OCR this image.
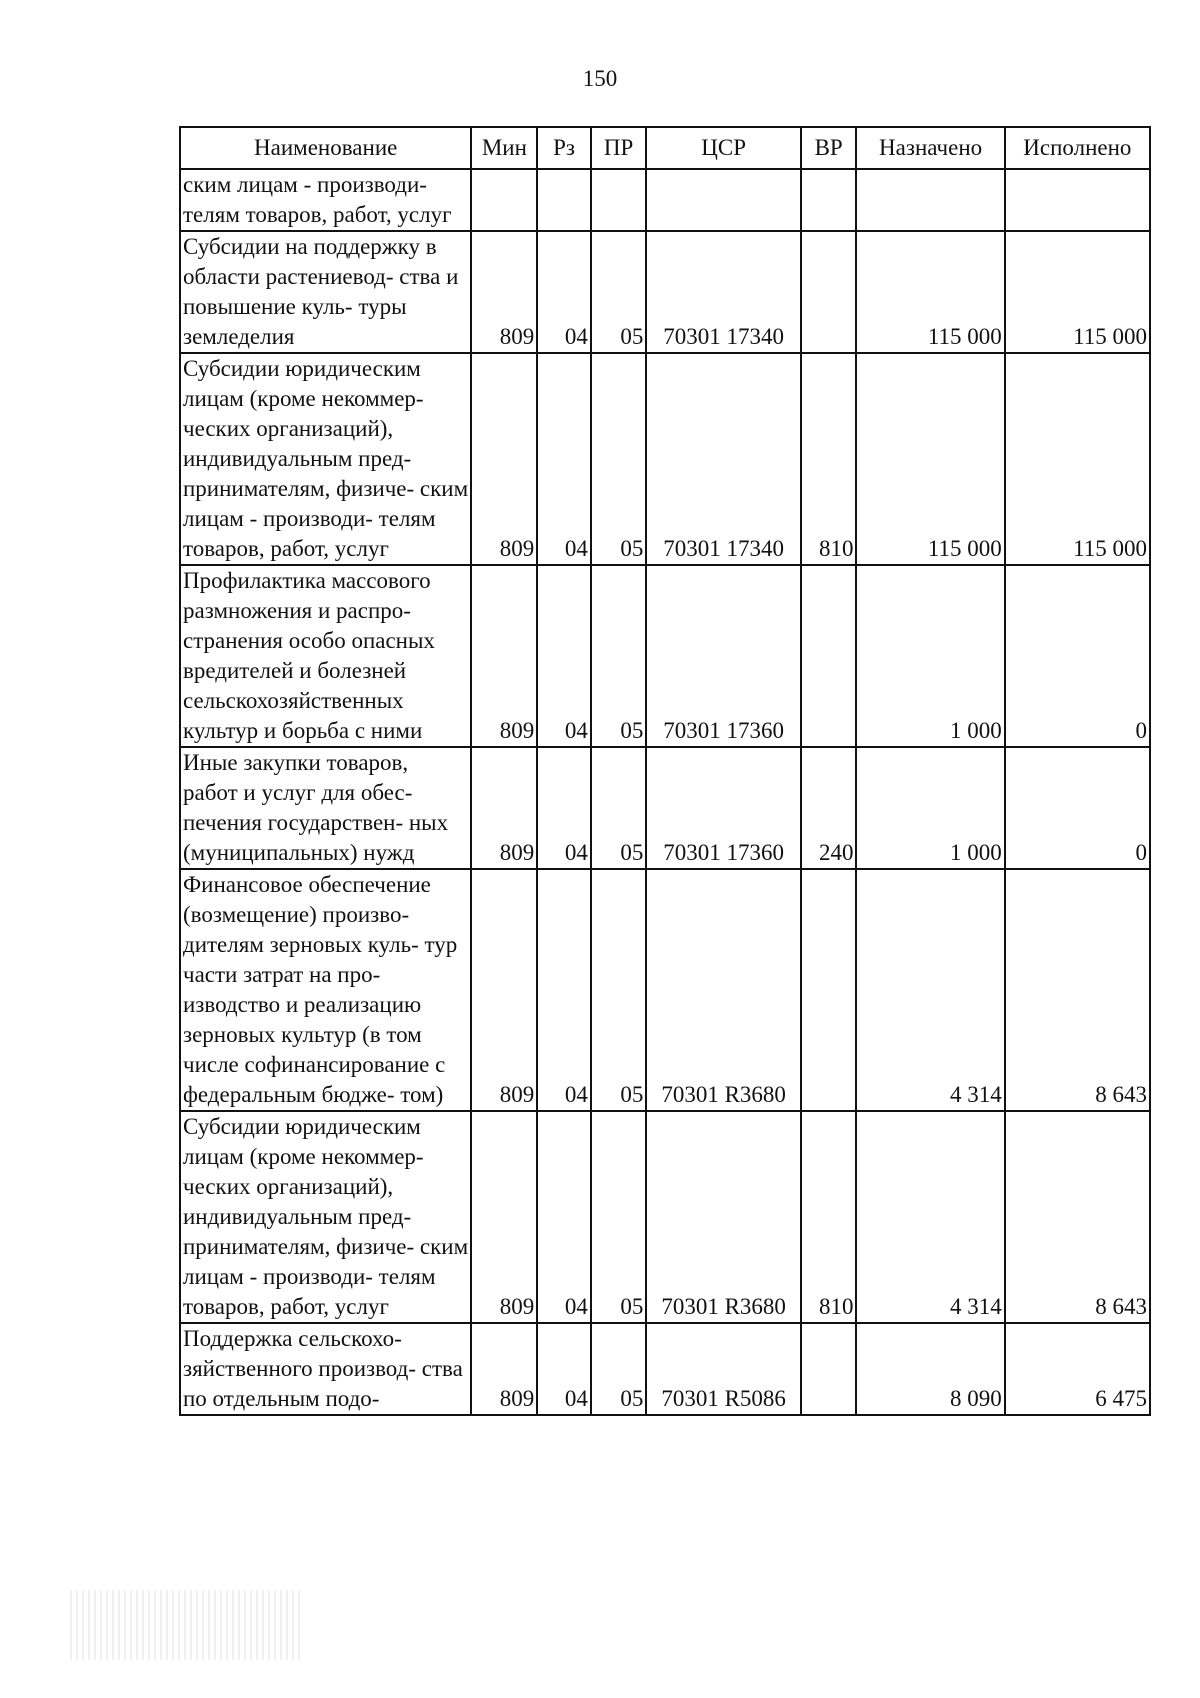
150
Наименование	Мин	Рз	ПР	ЦСР	ВР	Назначено	Исполнено
ским лицам - производи- телям товаров, работ, услуг							
Субсидии на поддержку в области растениевод- ства и повышение куль- туры земледелия	809	04	05	70301 17340		115 000	115 000
Субсидии юридическим лицам (кроме некоммер- ческих организаций), индивидуальным пред- принимателям, физиче- ским лицам - производи- телям товаров, работ, услуг	809	04	05	70301 17340	810	115 000	115 000
Профилактика массового размножения и распро- странения особо опасных вредителей и болезней сельскохозяйственных культур и борьба с ними	809	04	05	70301 17360		1 000	0
Иные закупки товаров, работ и услуг для обес- печения государствен- ных (муниципальных) нужд	809	04	05	70301 17360	240	1 000	0
Финансовое обеспечение (возмещение) произво- дителям зерновых куль- тур части затрат на про- изводство и реализацию зерновых культур (в том числе софинансирование с федеральным бюдже- том)	809	04	05	70301 R3680		4 314	8 643
Субсидии юридическим лицам (кроме некоммер- ческих организаций), индивидуальным пред- принимателям, физиче- ским лицам - производи- телям товаров, работ, услуг	809	04	05	70301 R3680	810	4 314	8 643
Поддержка сельскохо- зяйственного производ- ства по отдельным подо-	809	04	05	70301 R5086		8 090	6 475
